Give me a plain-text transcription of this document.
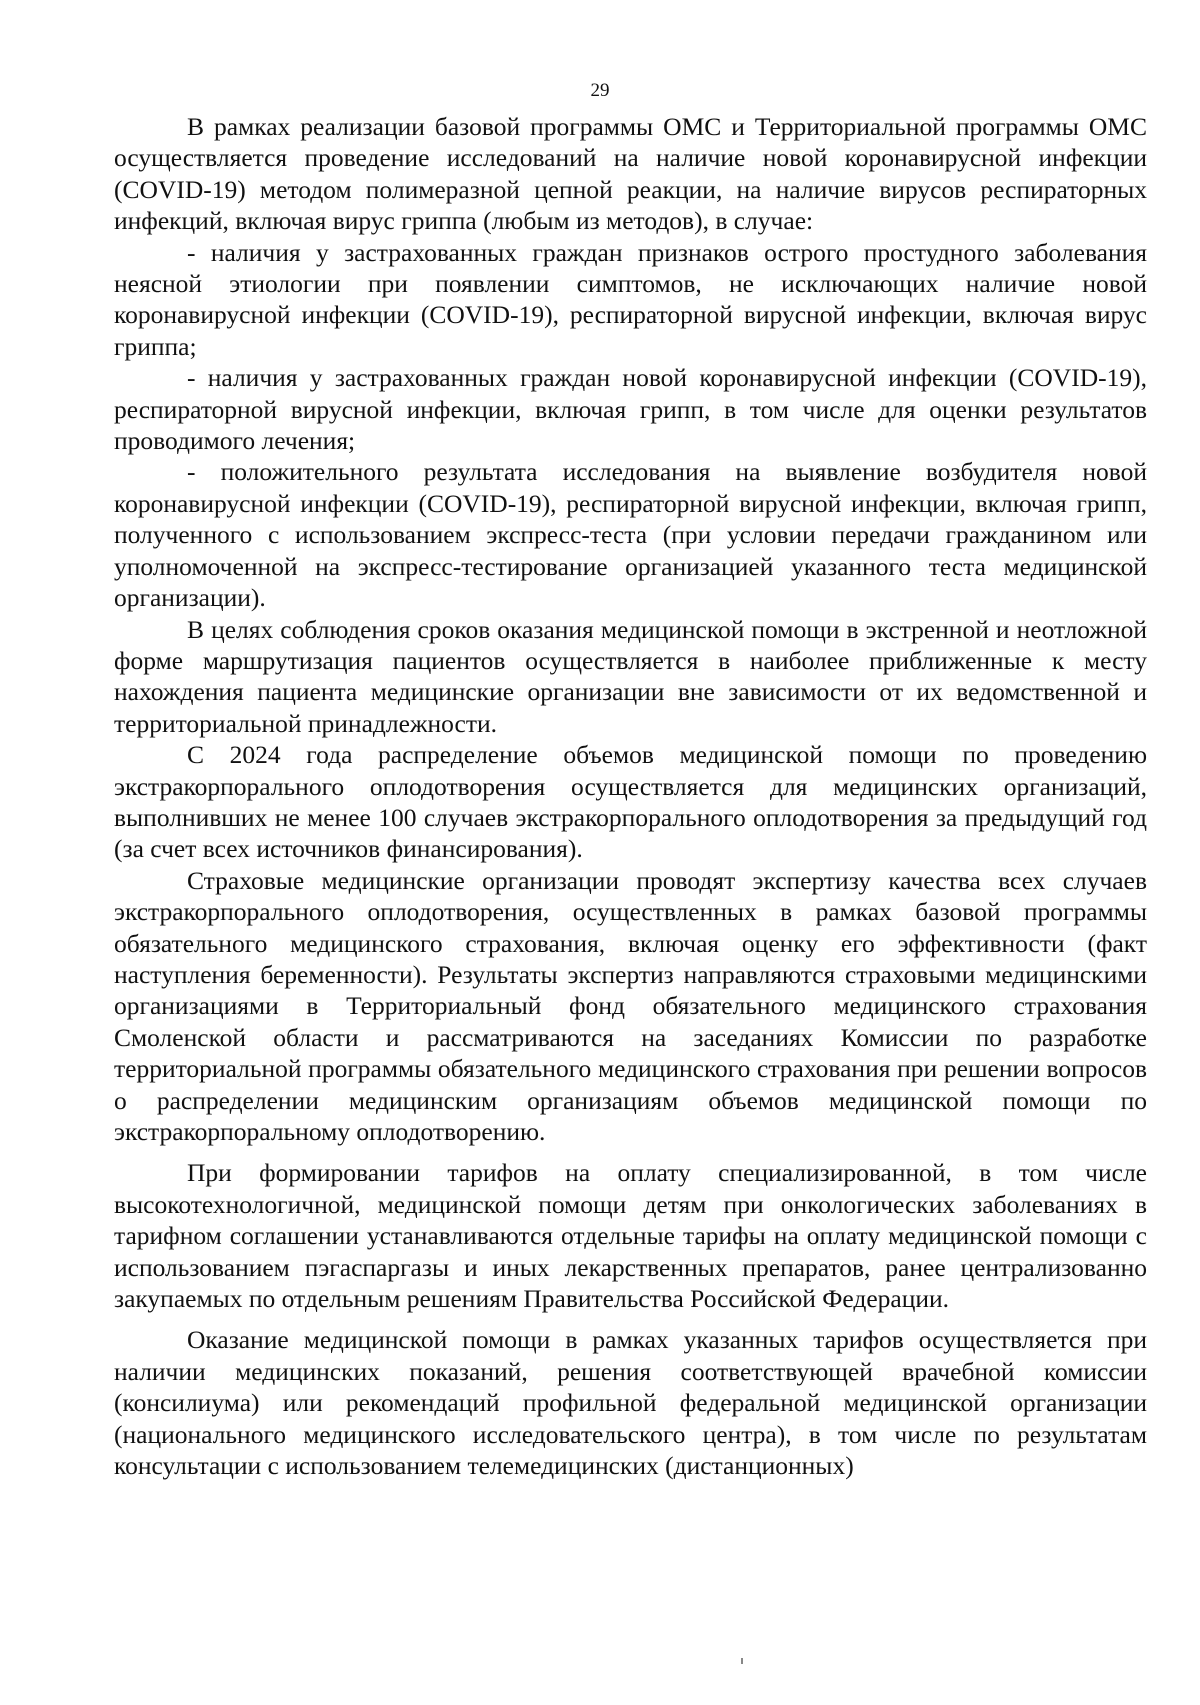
29

В рамках реализации базовой программы ОМС и Территориальной программы ОМС осуществляется проведение исследований на наличие новой коронавирусной инфекции (COVID-19) методом полимеразной цепной реакции, на наличие вирусов респираторных инфекций, включая вирус гриппа (любым из методов), в случае:

- наличия у застрахованных граждан признаков острого простудного заболевания неясной этиологии при появлении симптомов, не исключающих наличие новой коронавирусной инфекции (COVID-19), респираторной вирусной инфекции, включая вирус гриппа;

- наличия у застрахованных граждан новой коронавирусной инфекции (COVID-19), респираторной вирусной инфекции, включая грипп, в том числе для оценки результатов проводимого лечения;

- положительного результата исследования на выявление возбудителя новой коронавирусной инфекции (COVID-19), респираторной вирусной инфекции, включая грипп, полученного с использованием экспресс-теста (при условии передачи гражданином или уполномоченной на экспресс-тестирование организацией указанного теста медицинской организации).

В целях соблюдения сроков оказания медицинской помощи в экстренной и неотложной форме маршрутизация пациентов осуществляется в наиболее приближенные к месту нахождения пациента медицинские организации вне зависимости от их ведомственной и территориальной принадлежности.

С 2024 года распределение объемов медицинской помощи по проведению экстракорпорального оплодотворения осуществляется для медицинских организаций, выполнивших не менее 100 случаев экстракорпорального оплодотворения за предыдущий год (за счет всех источников финансирования).

Страховые медицинские организации проводят экспертизу качества всех случаев экстракорпорального оплодотворения, осуществленных в рамках базовой программы обязательного медицинского страхования, включая оценку его эффективности (факт наступления беременности). Результаты экспертиз направляются страховыми медицинскими организациями в Территориальный фонд обязательного медицинского страхования Смоленской области и рассматриваются на заседаниях Комиссии по разработке территориальной программы обязательного медицинского страхования при решении вопросов о распределении медицинским организациям объемов медицинской помощи по экстракорпоральному оплодотворению.

При формировании тарифов на оплату специализированной, в том числе высокотехнологичной, медицинской помощи детям при онкологических заболеваниях в тарифном соглашении устанавливаются отдельные тарифы на оплату медицинской помощи с использованием пэгаспаргазы и иных лекарственных препаратов, ранее централизованно закупаемых по отдельным решениям Правительства Российской Федерации.

Оказание медицинской помощи в рамках указанных тарифов осуществляется при наличии медицинских показаний, решения соответствующей врачебной комиссии (консилиума) или рекомендаций профильной федеральной медицинской организации (национального медицинского исследовательского центра), в том числе по результатам консультации с использованием телемедицинских (дистанционных)
